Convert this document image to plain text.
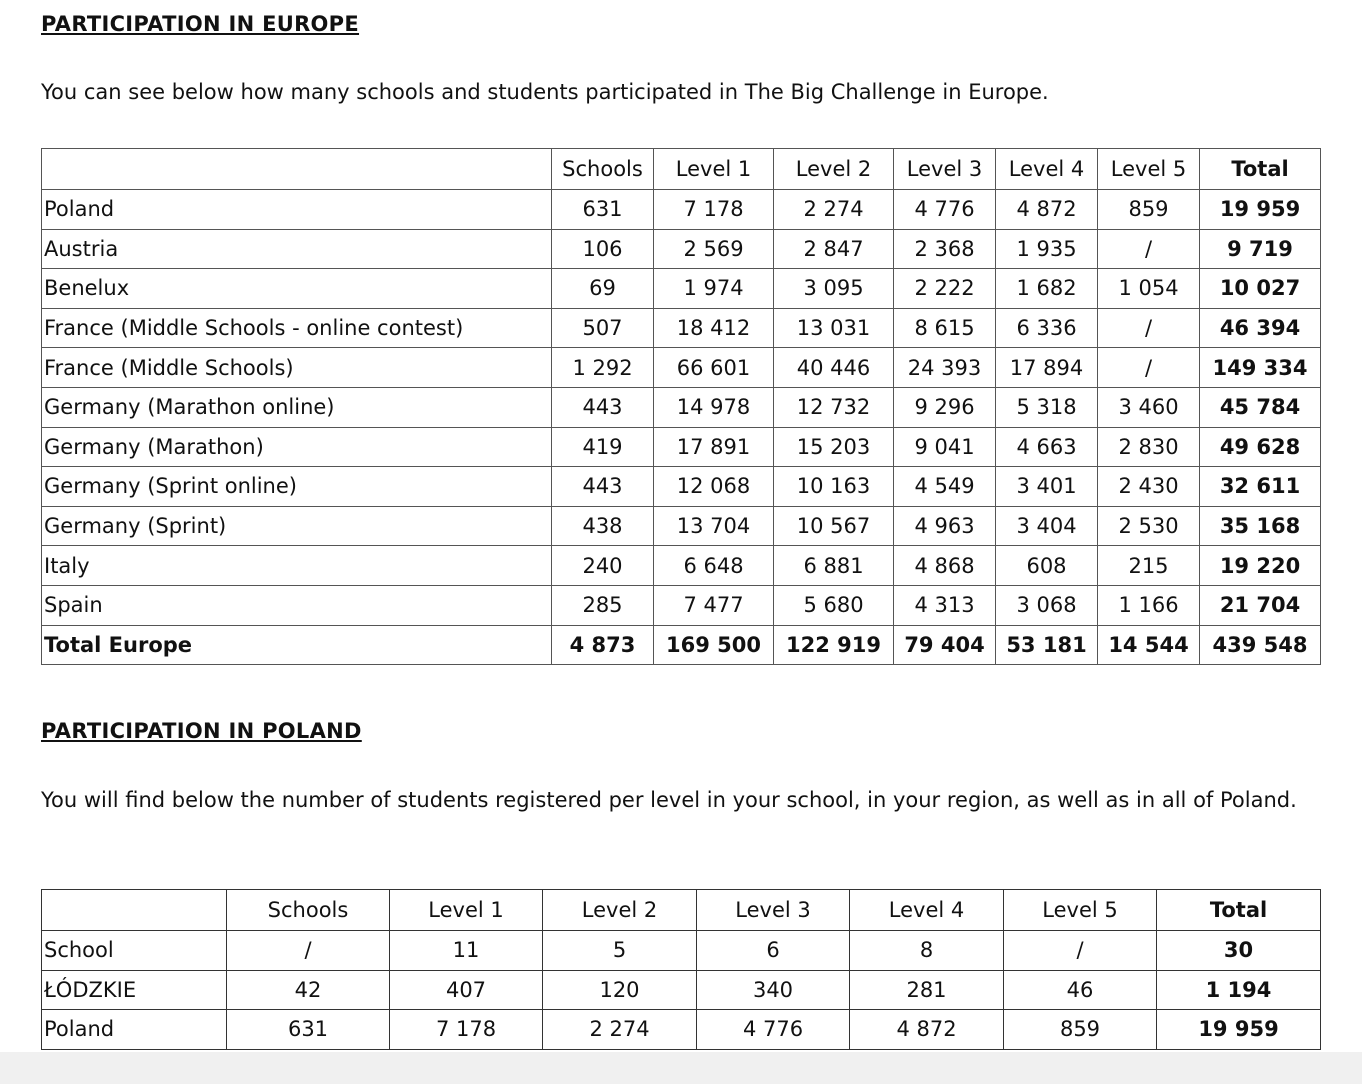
PARTICIPATION IN EUROPE

You can see below how many schools and students participated in The Big Challenge in Europe.

	Schools	Level 1	Level 2	Level 3	Level 4	Level 5	Total
Poland	631	7 178	2 274	4 776	4 872	859	19 959
Austria	106	2 569	2 847	2 368	1 935	/	9 719
Benelux	69	1 974	3 095	2 222	1 682	1 054	10 027
France (Middle Schools - online contest)	507	18 412	13 031	8 615	6 336	/	46 394
France (Middle Schools)	1 292	66 601	40 446	24 393	17 894	/	149 334
Germany (Marathon online)	443	14 978	12 732	9 296	5 318	3 460	45 784
Germany (Marathon)	419	17 891	15 203	9 041	4 663	2 830	49 628
Germany (Sprint online)	443	12 068	10 163	4 549	3 401	2 430	32 611
Germany (Sprint)	438	13 704	10 567	4 963	3 404	2 530	35 168
Italy	240	6 648	6 881	4 868	608	215	19 220
Spain	285	7 477	5 680	4 313	3 068	1 166	21 704
Total Europe	4 873	169 500	122 919	79 404	53 181	14 544	439 548
PARTICIPATION IN POLAND

You will find below the number of students registered per level in your school, in your region, as well as in all of Poland.

	Schools	Level 1	Level 2	Level 3	Level 4	Level 5	Total
School	/	11	5	6	8	/	30
ŁÓDZKIE	42	407	120	340	281	46	1 194
Poland	631	7 178	2 274	4 776	4 872	859	19 959
